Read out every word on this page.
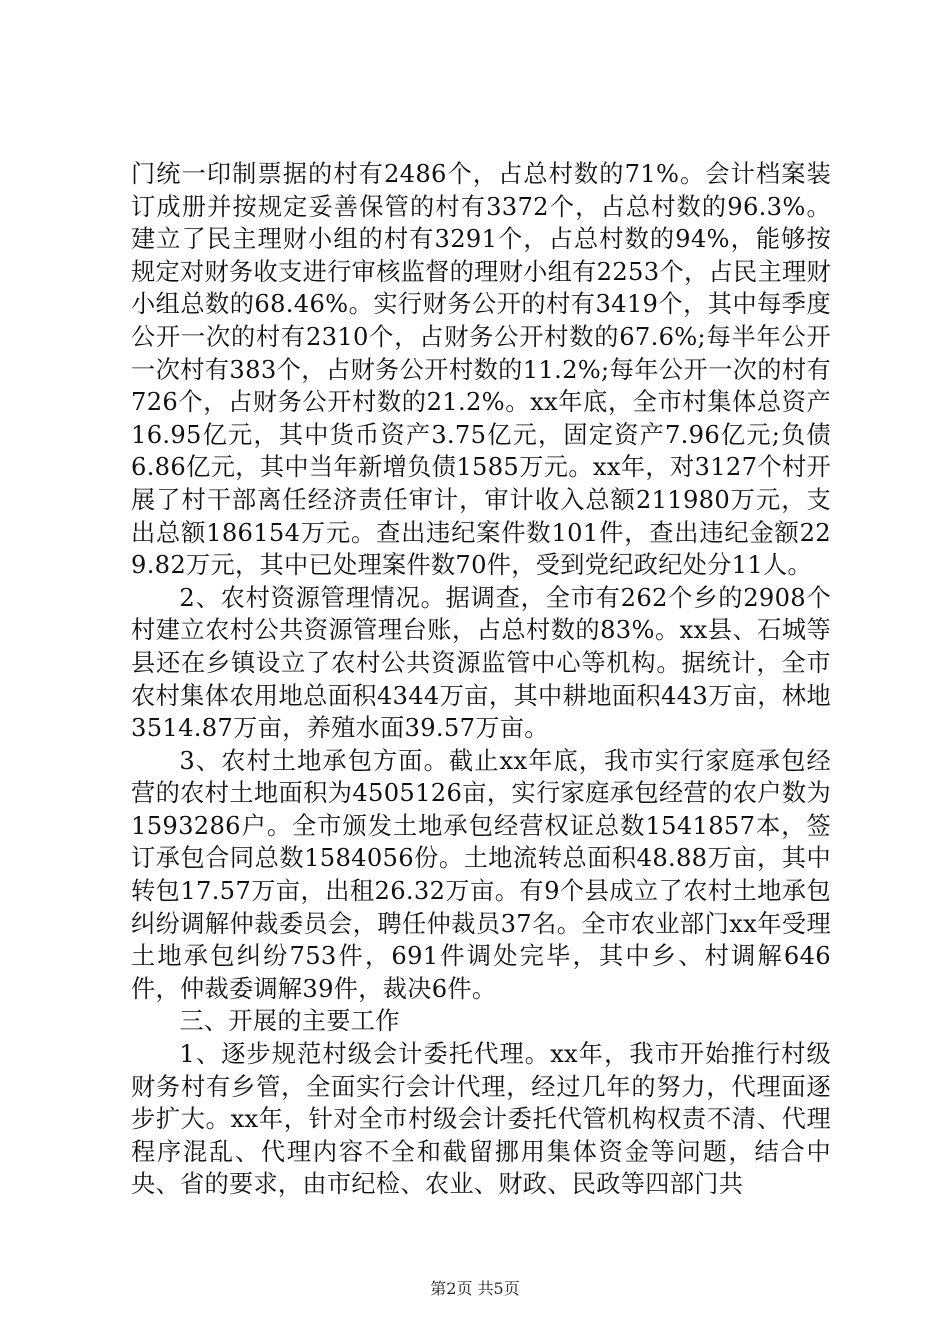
门统一印制票据的村有2486个，占总村数的71%。会计档案装订成册并按规定妥善保管的村有3372个，占总村数的96.3%。建立了民主理财小组的村有3291个，占总村数的94%，能够按规定对财务收支进行审核监督的理财小组有2253个，占民主理财小组总数的68.46%。实行财务公开的村有3419个，其中每季度公开一次的村有2310个，占财务公开村数的67.6%;每半年公开一次村有383个，占财务公开村数的11.2%;每年公开一次的村有726个，占财务公开村数的21.2%。xx年底，全市村集体总资产16.95亿元，其中货币资产3.75亿元，固定资产7.96亿元;负债6.86亿元，其中当年新增负债1585万元。xx年，对3127个村开展了村干部离任经济责任审计，审计收入总额211980万元，支出总额186154万元。查出违纪案件数101件，查出违纪金额229.82万元，其中已处理案件数70件，受到党纪政纪处分11人。

2、农村资源管理情况。据调查，全市有262个乡的2908个村建立农村公共资源管理台账，占总村数的83%。xx县、石城等县还在乡镇设立了农村公共资源监管中心等机构。据统计，全市农村集体农用地总面积4344万亩，其中耕地面积443万亩，林地3514.87万亩，养殖水面39.57万亩。

3、农村土地承包方面。截止xx年底，我市实行家庭承包经营的农村土地面积为4505126亩，实行家庭承包经营的农户数为1593286户。全市颁发土地承包经营权证总数1541857本，签订承包合同总数1584056份。土地流转总面积48.88万亩，其中转包17.57万亩，出租26.32万亩。有9个县成立了农村土地承包纠纷调解仲裁委员会，聘任仲裁员37名。全市农业部门xx年受理土地承包纠纷753件，691件调处完毕，其中乡、村调解646件，仲裁委调解39件，裁决6件。

三、开展的主要工作

1、逐步规范村级会计委托代理。xx年，我市开始推行村级财务村有乡管，全面实行会计代理，经过几年的努力，代理面逐步扩大。xx年，针对全市村级会计委托代管机构权责不清、代理程序混乱、代理内容不全和截留挪用集体资金等问题，结合中央、省的要求，由市纪检、农业、财政、民政等四部门共

第2页 共5页
